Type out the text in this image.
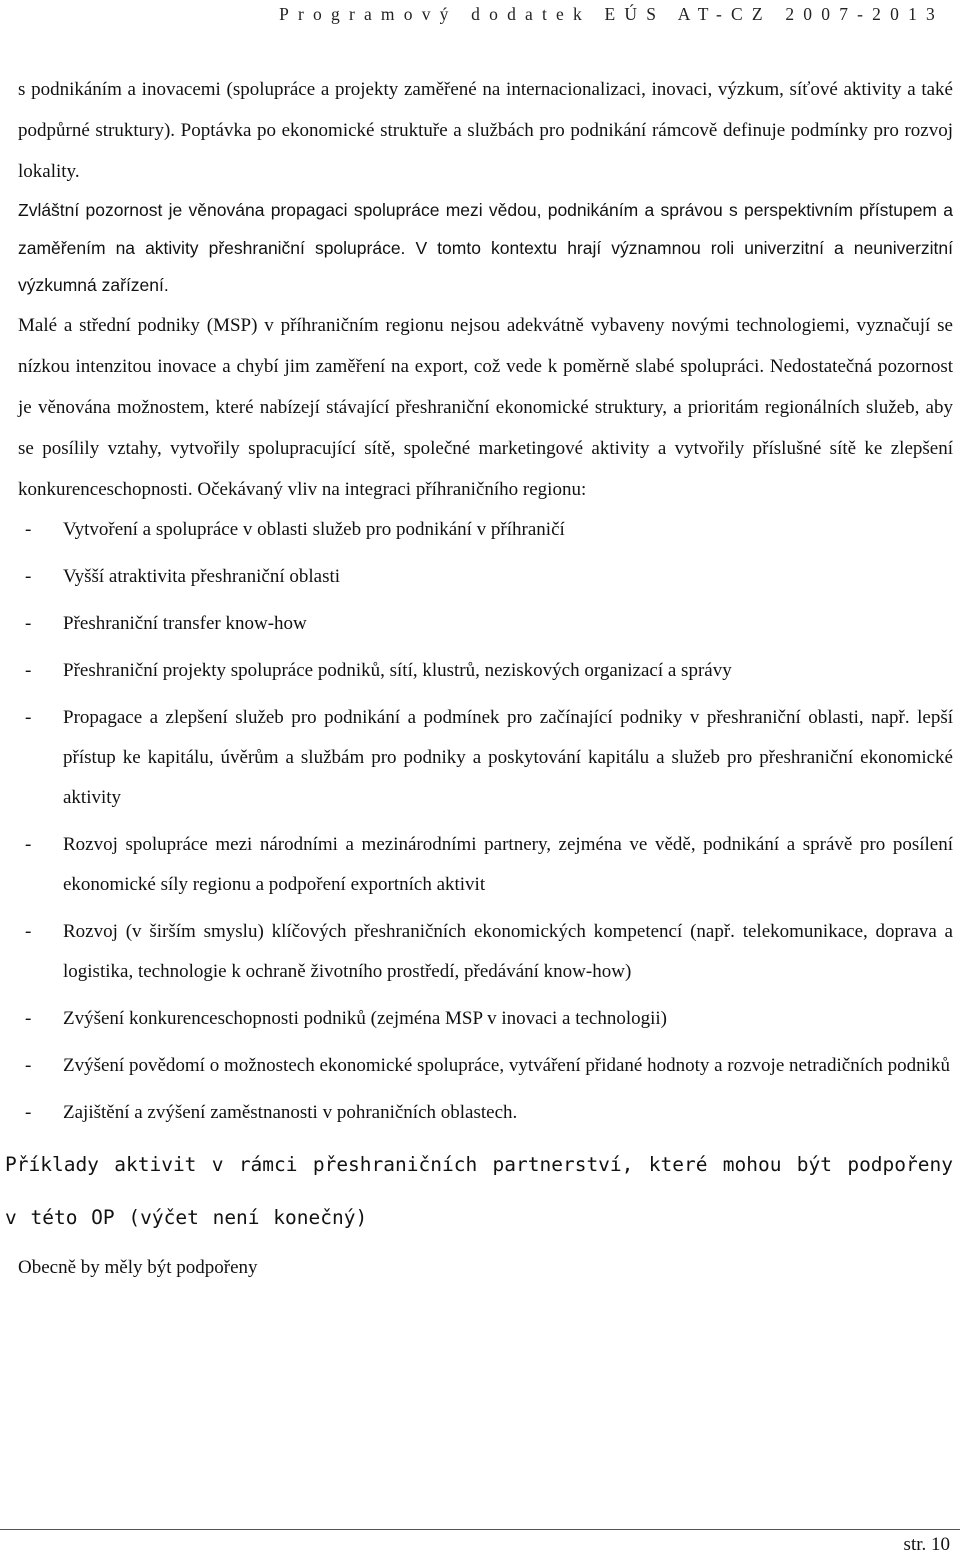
Programový dodatek EÚS AT-CZ 2007-2013

s podnikáním a inovacemi (spolupráce a projekty zaměřené na internacionalizaci, inovaci, výzkum, síťové aktivity a také podpůrné struktury). Poptávka po ekonomické struktuře a službách pro podnikání rámcově definuje podmínky pro rozvoj lokality.

Zvláštní pozornost je věnována propagaci spolupráce mezi vědou, podnikáním a správou s perspektivním přístupem a zaměřením na aktivity přeshraniční spolupráce. V tomto kontextu hrají významnou roli univerzitní a neuniverzitní výzkumná zařízení.

Malé a střední podniky (MSP) v příhraničním regionu nejsou adekvátně vybaveny novými technologiemi, vyznačují se nízkou intenzitou inovace a chybí jim zaměření na export, což vede k poměrně slabé spolupráci. Nedostatečná pozornost je věnována možnostem, které nabízejí stávající přeshraniční ekonomické struktury, a prioritám regionálních služeb, aby se posílily vztahy, vytvořily spolupracující sítě, společné marketingové aktivity a vytvořily příslušné sítě ke zlepšení konkurenceschopnosti. Očekávaný vliv na integraci příhraničního regionu:

- Vytvoření a spolupráce v oblasti služeb pro podnikání v příhraničí
- Vyšší atraktivita přeshraniční oblasti
- Přeshraniční transfer know-how
- Přeshraniční projekty spolupráce podniků, sítí, klustrů, neziskových organizací a správy
- Propagace a zlepšení služeb pro podnikání a podmínek pro začínající podniky v přeshraniční oblasti, např. lepší přístup ke kapitálu, úvěrům a službám pro podniky a poskytování kapitálu a služeb pro přeshraniční ekonomické aktivity
- Rozvoj spolupráce mezi národními a mezinárodními partnery, zejména ve vědě, podnikání a správě pro posílení ekonomické síly regionu a podpoření exportních aktivit
- Rozvoj (v širším smyslu) klíčových přeshraničních ekonomických kompetencí (např. telekomunikace, doprava a logistika, technologie k ochraně životního prostředí, předávání know-how)
- Zvýšení konkurenceschopnosti podniků (zejména MSP v inovaci a technologii)
- Zvýšení povědomí o možnostech ekonomické spolupráce, vytváření přidané hodnoty a rozvoje netradičních podniků
- Zajištění a zvýšení zaměstnanosti v pohraničních oblastech.
Příklady aktivit v rámci přeshraničních partnerství, které mohou být podpořeny v této OP (výčet není konečný)
Obecně by měly být podpořeny
str. 10
